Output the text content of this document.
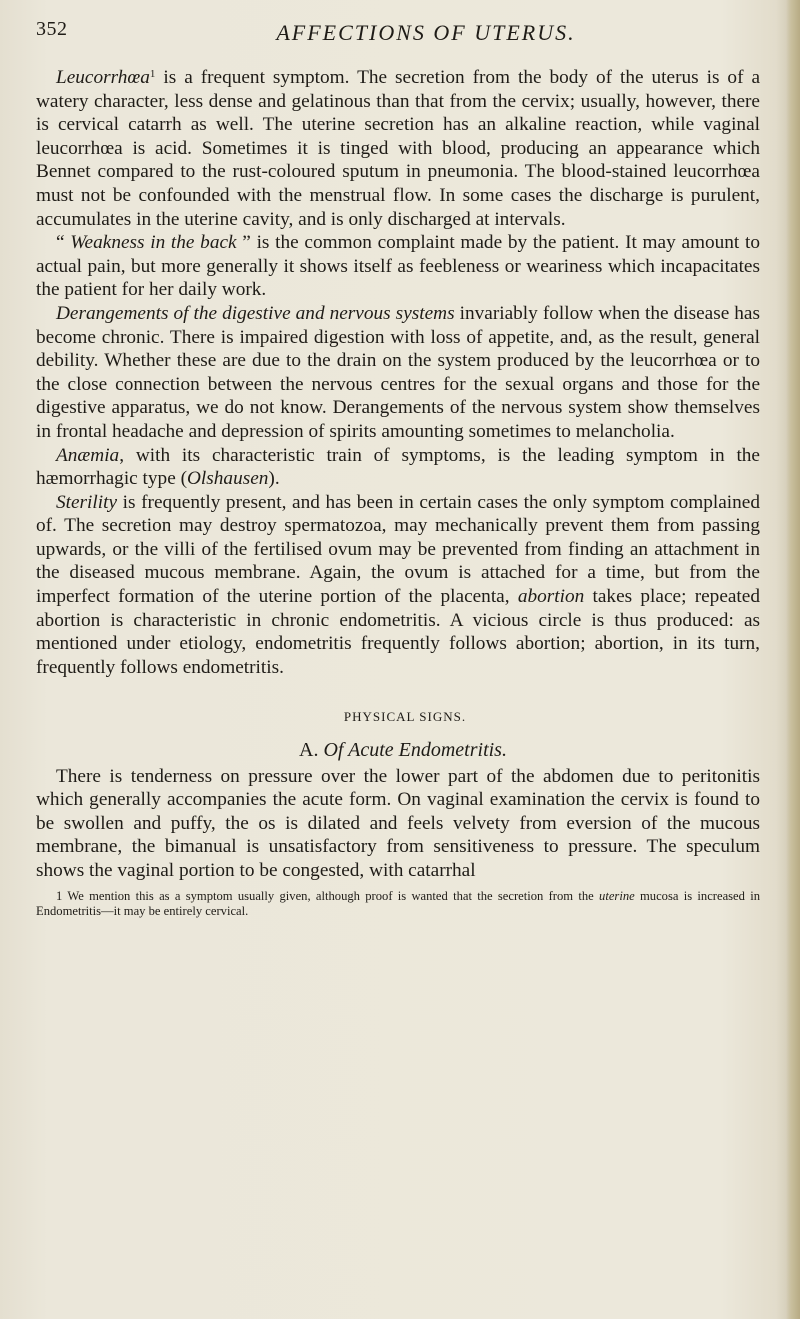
352	AFFECTIONS OF UTERUS.

Leucorrhœa$^1$ is a frequent symptom. The secretion from the body of the uterus is of a watery character, less dense and gelatinous than that from the cervix; usually, however, there is cervical catarrh as well. The uterine secretion has an alkaline reaction, while vaginal leucorrhœa is acid. Sometimes it is tinged with blood, producing an appearance which Bennet compared to the rust-coloured sputum in pneumonia. The blood-stained leucorrhœa must not be confounded with the menstrual flow. In some cases the discharge is purulent, accumulates in the uterine cavity, and is only discharged at intervals.

“ Weakness in the back ” is the common complaint made by the patient. It may amount to actual pain, but more generally it shows itself as feebleness or weariness which incapacitates the patient for her daily work.

Derangements of the digestive and nervous systems invariably follow when the disease has become chronic. There is impaired digestion with loss of appetite, and, as the result, general debility. Whether these are due to the drain on the system produced by the leucorrhœa or to the close connection between the nervous centres for the sexual organs and those for the digestive apparatus, we do not know. Derangements of the nervous system show themselves in frontal headache and depression of spirits amounting sometimes to melancholia.

Anæmia, with its characteristic train of symptoms, is the leading symptom in the hæmorrhagic type (Olshausen).

Sterility is frequently present, and has been in certain cases the only symptom complained of. The secretion may destroy spermatozoa, may mechanically prevent them from passing upwards, or the villi of the fertilised ovum may be prevented from finding an attachment in the diseased mucous membrane. Again, the ovum is attached for a time, but from the imperfect formation of the uterine portion of the placenta, abortion takes place; repeated abortion is characteristic in chronic endometritis. A vicious circle is thus produced: as mentioned under etiology, endometritis frequently follows abortion; abortion, in its turn, frequently follows endometritis.

PHYSICAL SIGNS.
A. Of Acute Endometritis.

There is tenderness on pressure over the lower part of the abdomen due to peritonitis which generally accompanies the acute form. On vaginal examination the cervix is found to be swollen and puffy, the os is dilated and feels velvety from eversion of the mucous membrane, the bimanual is unsatisfactory from sensitiveness to pressure. The speculum shows the vaginal portion to be congested, with catarrhal

1 We mention this as a symptom usually given, although proof is wanted that the secretion from the uterine mucosa is increased in Endometritis—it may be entirely cervical.
